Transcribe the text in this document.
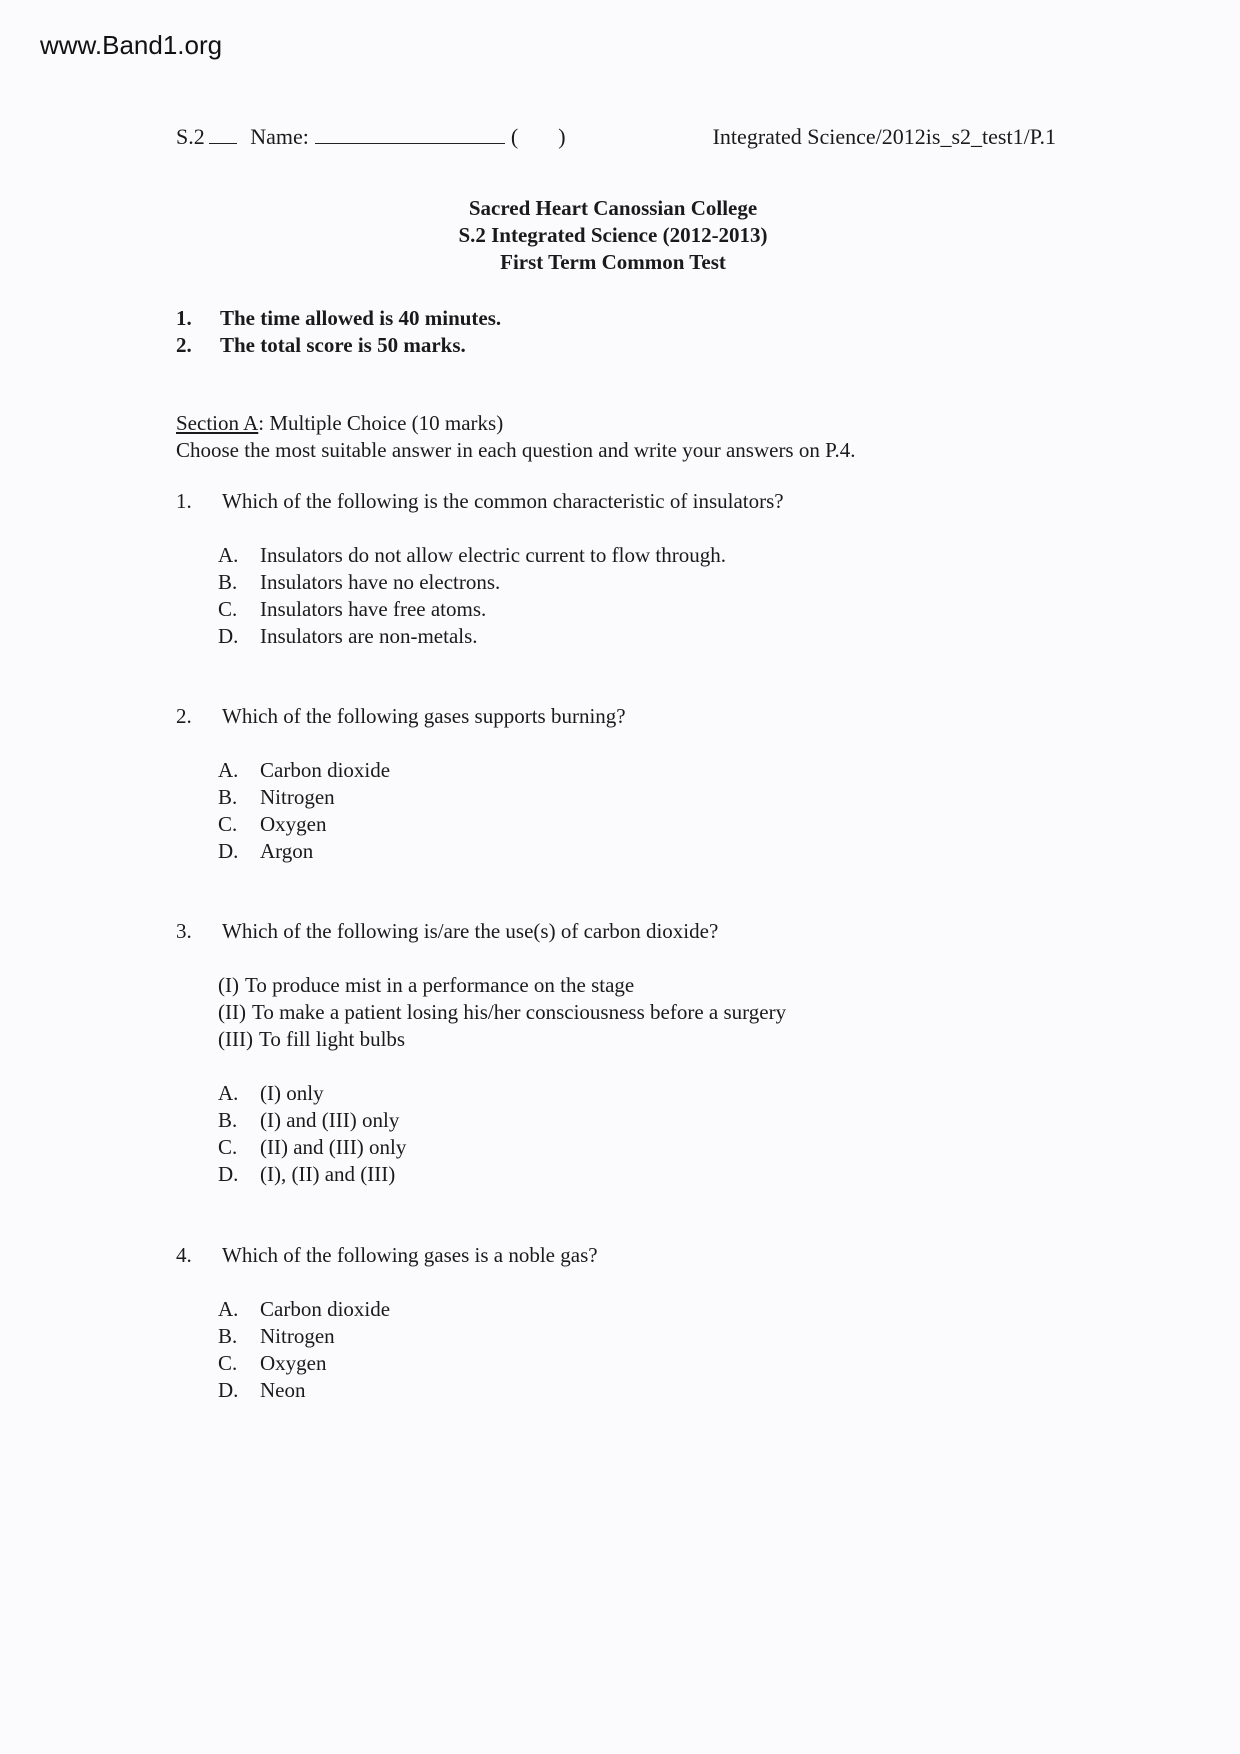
www.Band1.org
S.2 Name:	( )	Integrated Science/2012is_s2_test1/P.1
Sacred Heart Canossian College
S.2 Integrated Science (2012-2013)
First Term Common Test
1.	The time allowed is 40 minutes.
2.	The total score is 50 marks.
Section A: Multiple Choice (10 marks)
Choose the most suitable answer in each question and write your answers on P.4.
1.	Which of the following is the common characteristic of insulators?
A.	Insulators do not allow electric current to flow through.
B.	Insulators have no electrons.
C.	Insulators have free atoms.
D.	Insulators are non-metals.
2.	Which of the following gases supports burning?
A.	Carbon dioxide
B.	Nitrogen
C.	Oxygen
D.	Argon
3.	Which of the following is/are the use(s) of carbon dioxide?
(I) To produce mist in a performance on the stage
(II) To make a patient losing his/her consciousness before a surgery
(III) To fill light bulbs
A.	(I) only
B.	(I) and (III) only
C.	(II) and (III) only
D.	(I), (II) and (III)
4.	Which of the following gases is a noble gas?
A.	Carbon dioxide
B.	Nitrogen
C.	Oxygen
D.	Neon
